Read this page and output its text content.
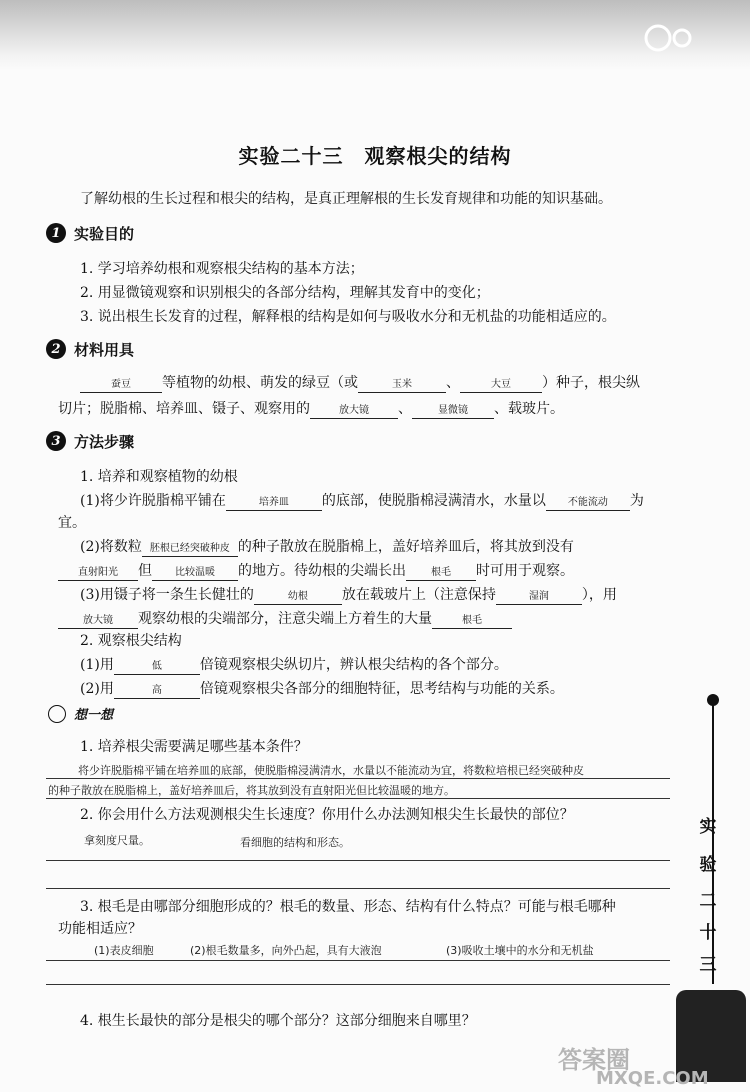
实验二十三　观察根尖的结构
了解幼根的生长过程和根尖的结构，是真正理解根的生长发育规律和功能的知识基础。
1 实验目的
1. 学习培养幼根和观察根尖结构的基本方法；
2. 用显微镜观察和识别根尖的各部分结构，理解其发育中的变化；
3. 说出根生长发育的过程，解释根的结构是如何与吸收水分和无机盐的功能相适应的。
2 材料用具
蚕豆 等植物的幼根、萌发的绿豆（或	玉米 、	大豆 ）种子，根尖纵
切片；脱脂棉、培养皿、镊子、观察用的	放大镜 、	显微镜 、载玻片。
3 方法步骤
1. 培养和观察植物的幼根
(1)将少许脱脂棉平铺在	培养皿 的底部，使脱脂棉浸满清水，水量以 不能流动 为
宜。
(2)将数粒 胚根已经突破种皮 的种子散放在脱脂棉上，盖好培养皿后，将其放到没有
直射阳光 但 比较温暖 的地方。待幼根的尖端长出	根毛 时可用于观察。
(3)用镊子将一条生长健壮的	幼根 放在载玻片上（注意保持	湿润 ），用
放大镜 观察幼根的尖端部分，注意尖端上方着生的大量	根毛
2. 观察根尖结构
(1)用	低	倍镜观察根尖纵切片，辨认根尖结构的各个部分。
(2)用	高	倍镜观察根尖各部分的细胞特征，思考结构与功能的关系。
想一想
1. 培养根尖需要满足哪些基本条件？
将少许脱脂棉平铺在培养皿的底部，使脱脂棉浸满清水，水量以不能流动为宜，将数粒培根已经突破种皮
的种子散放在脱脂棉上，盖好培养皿后，将其放到没有直射阳光但比较温暖的地方。
2. 你会用什么方法观测根尖生长速度？你用什么办法测知根尖生长最快的部位？
拿刻度尺量。	看细胞的结构和形态。
3. 根毛是由哪部分细胞形成的？根毛的数量、形态、结构有什么特点？可能与根毛哪种
功能相适应？
(1)表皮细胞	(2)根毛数量多，向外凸起，具有大液泡	(3)吸收土壤中的水分和无机盐
4. 根生长最快的部分是根尖的哪个部分？这部分细胞来自哪里？
实
验
二
十
三
答案圈
MXQE.COM
